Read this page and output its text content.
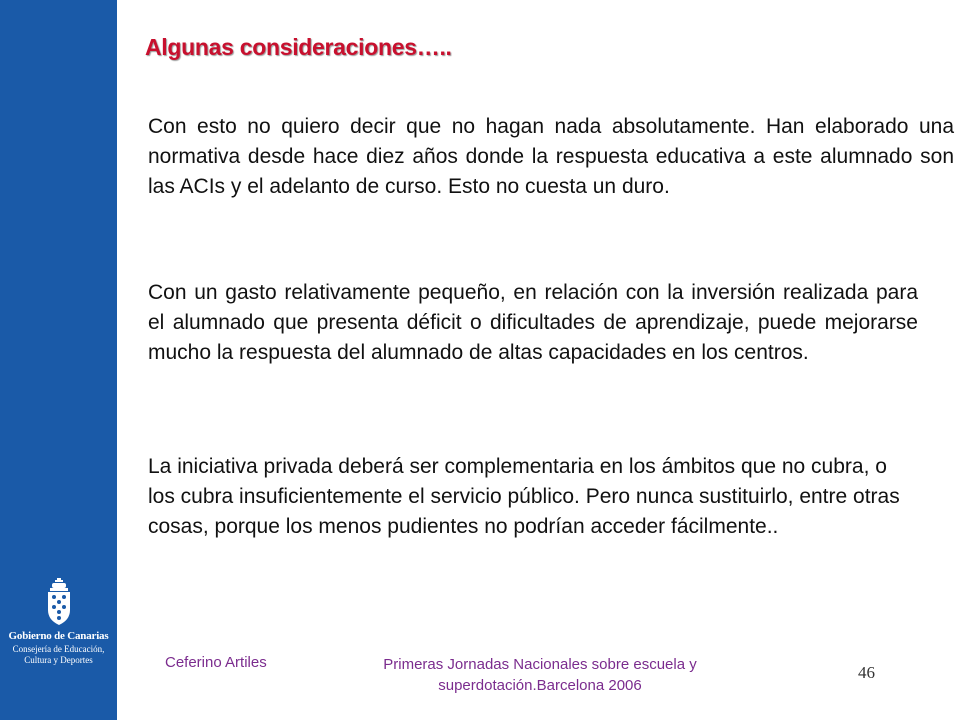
Gobierno de Canarias
Consejería de Educación,
Cultura y Deportes
Algunas consideraciones…..

Con esto no quiero decir que no hagan nada absolutamente. Han elaborado una normativa desde hace diez años donde la respuesta educativa a este alumnado son las ACIs y el adelanto de curso. Esto no cuesta un duro.

Con un gasto relativamente pequeño, en relación con la inversión realizada para el alumnado que presenta déficit o dificultades de aprendizaje, puede mejorarse mucho la respuesta del alumnado de altas capacidades en los centros.

La iniciativa privada deberá ser complementaria en los ámbitos que no cubra, o los cubra insuficientemente el servicio público. Pero nunca sustituirlo, entre otras cosas, porque los menos pudientes no podrían acceder fácilmente..

Ceferino Artiles	Primeras Jornadas Nacionales sobre escuela y superdotación.Barcelona 2006
46
